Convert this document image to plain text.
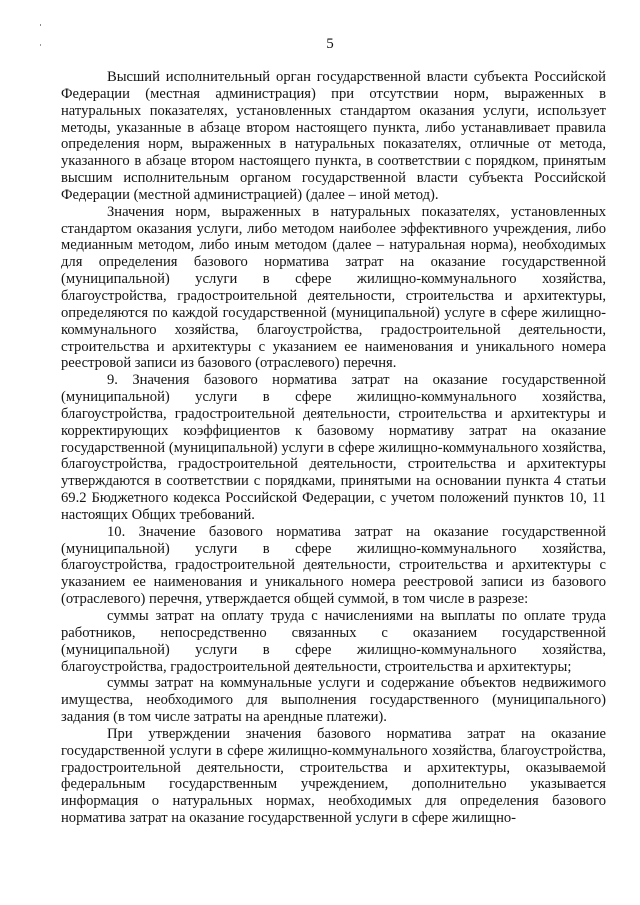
5

Высший исполнительный орган государственной власти субъекта Российской Федерации (местная администрация) при отсутствии норм, выраженных в натуральных показателях, установленных стандартом оказания услуги, использует методы, указанные в абзаце втором настоящего пункта, либо устанавливает правила определения норм, выраженных в натуральных показателях, отличные от метода, указанного в абзаце втором настоящего пункта, в соответствии с порядком, принятым высшим исполнительным органом государственной власти субъекта Российской Федерации (местной администрацией) (далее – иной метод).

Значения норм, выраженных в натуральных показателях, установленных стандартом оказания услуги, либо методом наиболее эффективного учреждения, либо медианным методом, либо иным методом (далее – натуральная норма), необходимых для определения базового норматива затрат на оказание государственной (муниципальной) услуги в сфере жилищно-коммунального хозяйства, благоустройства, градостроительной деятельности, строительства и архитектуры, определяются по каждой государственной (муниципальной) услуге в сфере жилищно-коммунального хозяйства, благоустройства, градостроительной деятельности, строительства и архитектуры с указанием ее наименования и уникального номера реестровой записи из базового (отраслевого) перечня.

9. Значения базового норматива затрат на оказание государственной (муниципальной) услуги в сфере жилищно-коммунального хозяйства, благоустройства, градостроительной деятельности, строительства и архитектуры и корректирующих коэффициентов к базовому нормативу затрат на оказание государственной (муниципальной) услуги в сфере жилищно-коммунального хозяйства, благоустройства, градостроительной деятельности, строительства и архитектуры утверждаются в соответствии с порядками, принятыми на основании пункта 4 статьи 69.2 Бюджетного кодекса Российской Федерации, с учетом положений пунктов 10, 11 настоящих Общих требований.

10. Значение базового норматива затрат на оказание государственной (муниципальной) услуги в сфере жилищно-коммунального хозяйства, благоустройства, градостроительной деятельности, строительства и архитектуры с указанием ее наименования и уникального номера реестровой записи из базового (отраслевого) перечня, утверждается общей суммой, в том числе в разрезе:

суммы затрат на оплату труда с начислениями на выплаты по оплате труда работников, непосредственно связанных с оказанием государственной (муниципальной) услуги в сфере жилищно-коммунального хозяйства, благоустройства, градостроительной деятельности, строительства и архитектуры;

суммы затрат на коммунальные услуги и содержание объектов недвижимого имущества, необходимого для выполнения государственного (муниципального) задания (в том числе затраты на арендные платежи).

При утверждении значения базового норматива затрат на оказание государственной услуги в сфере жилищно-коммунального хозяйства, благоустройства, градостроительной деятельности, строительства и архитектуры, оказываемой федеральным государственным учреждением, дополнительно указывается информация о натуральных нормах, необходимых для определения базового норматива затрат на оказание государственной услуги в сфере жилищно-
